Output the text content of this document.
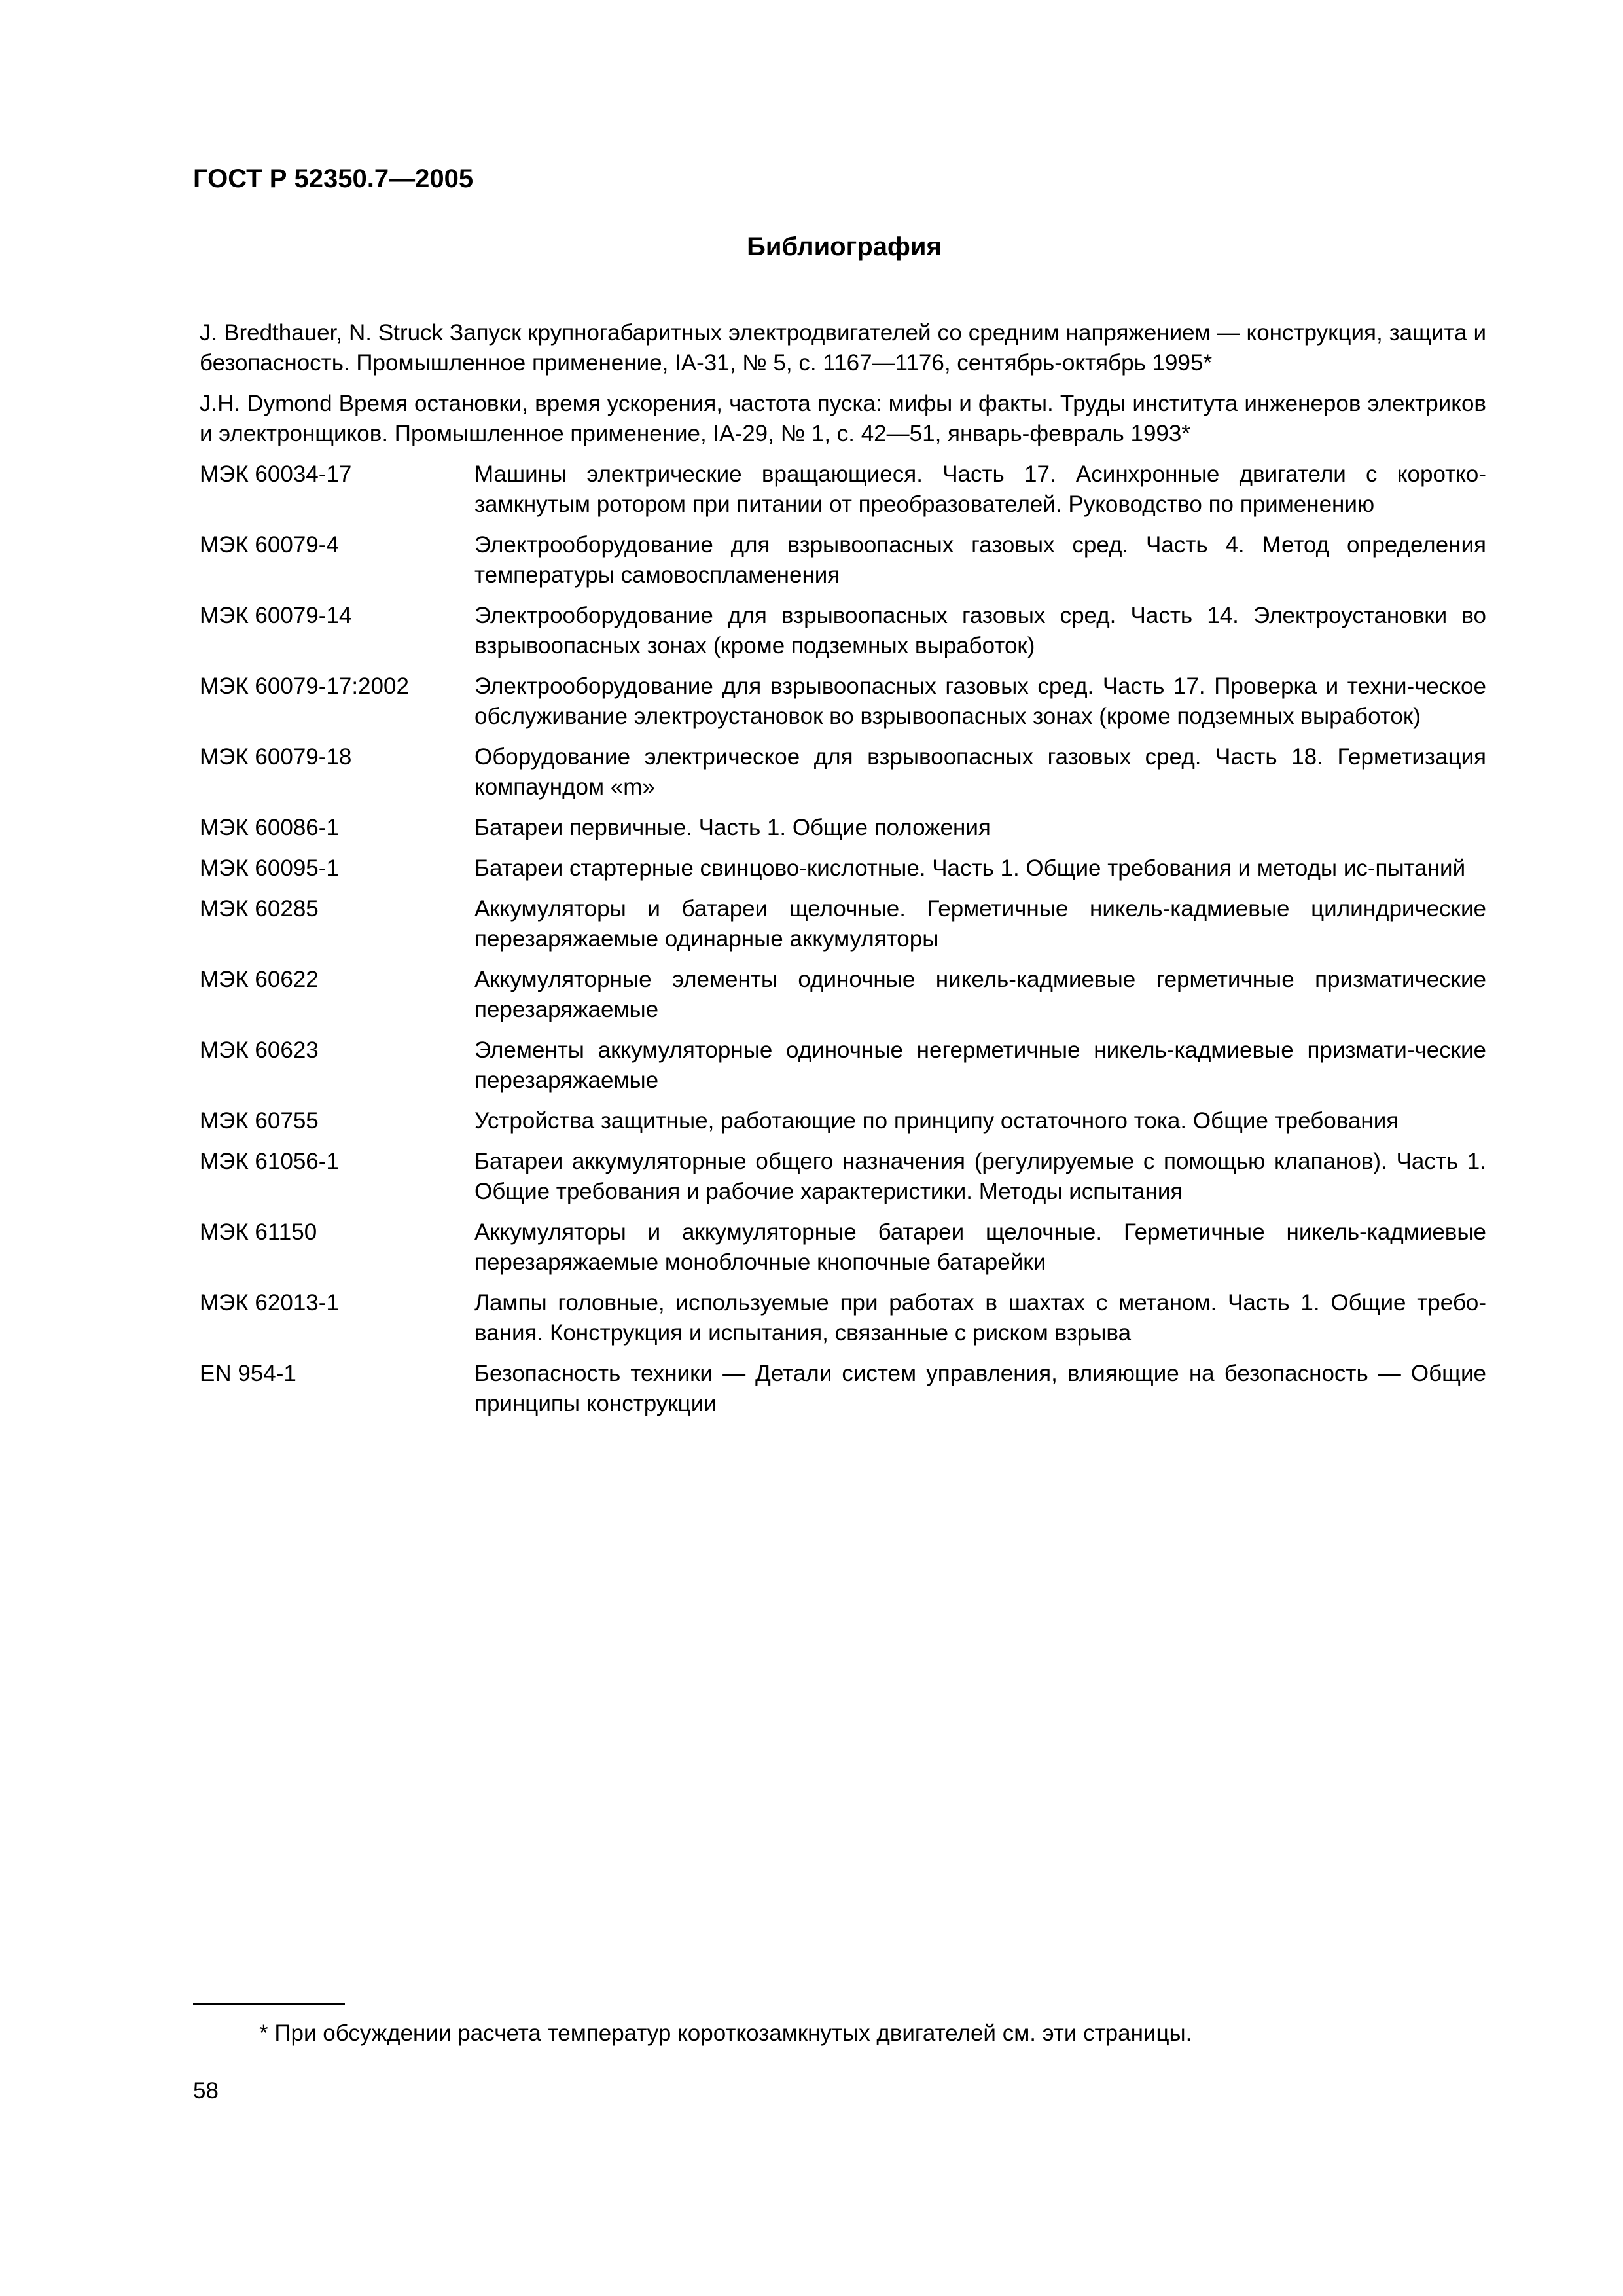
ГОСТ Р 52350.7—2005
Библиография

J. Bredthauer, N. Struck Запуск крупногабаритных электродвигателей со средним напряжением — конструкция, защита и безопасность. Промышленное применение, IA-31, № 5, с. 1167—1176, сентябрь-октябрь 1995*

J.H. Dymond Время остановки, время ускорения, частота пуска: мифы и факты. Труды института инженеров электриков и электронщиков. Промышленное применение, IA-29, № 1, с. 42—51, январь-февраль 1993*

МЭК 60034-17	Машины электрические вращающиеся. Часть 17. Асинхронные двигатели с коротко-замкнутым ротором при питании от преобразователей. Руководство по применению
МЭК 60079-4	Электрооборудование для взрывоопасных газовых сред. Часть 4. Метод определения температуры самовоспламенения
МЭК 60079-14	Электрооборудование для взрывоопасных газовых сред. Часть 14. Электроустановки во взрывоопасных зонах (кроме подземных выработок)
МЭК 60079-17:2002	Электрооборудование для взрывоопасных газовых сред. Часть 17. Проверка и техни-ческое обслуживание электроустановок во взрывоопасных зонах (кроме подземных выработок)
МЭК 60079-18	Оборудование электрическое для взрывоопасных газовых сред. Часть 18. Герметизация компаундом «m»
МЭК 60086-1	Батареи первичные. Часть 1. Общие положения
МЭК 60095-1	Батареи стартерные свинцово-кислотные. Часть 1. Общие требования и методы ис-пытаний
МЭК 60285	Аккумуляторы и батареи щелочные. Герметичные никель-кадмиевые цилиндрические перезаряжаемые одинарные аккумуляторы
МЭК 60622	Аккумуляторные элементы одиночные никель-кадмиевые герметичные призматические перезаряжаемые
МЭК 60623	Элементы аккумуляторные одиночные негерметичные никель-кадмиевые призмати-ческие перезаряжаемые
МЭК 60755	Устройства защитные, работающие по принципу остаточного тока. Общие требования
МЭК 61056-1	Батареи аккумуляторные общего назначения (регулируемые с помощью клапанов). Часть 1. Общие требования и рабочие характеристики. Методы испытания
МЭК 61150	Аккумуляторы и аккумуляторные батареи щелочные. Герметичные никель-кадмиевые перезаряжаемые моноблочные кнопочные батарейки
МЭК 62013-1	Лампы головные, используемые при работах в шахтах с метаном. Часть 1. Общие требо-вания. Конструкция и испытания, связанные с риском взрыва
EN 954-1	Безопасность техники — Детали систем управления, влияющие на безопасность — Общие принципы конструкции
* При обсуждении расчета температур короткозамкнутых двигателей см. эти страницы.
58
